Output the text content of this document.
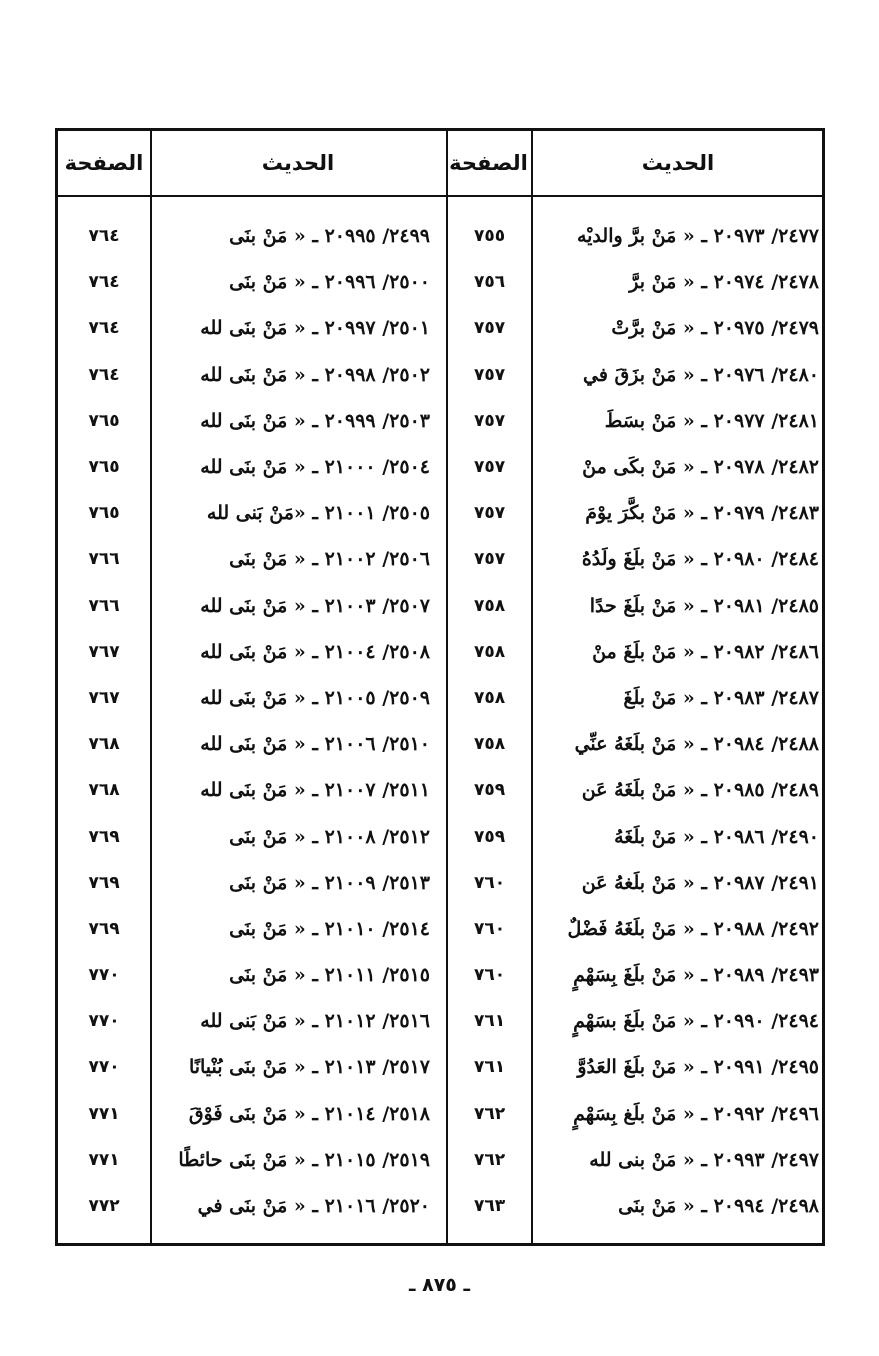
الحديث
الصفحة
الحديث
الصفحة
٢٤٧٧/ ٢٠٩٧٣ ـ « مَنْ برَّ والديْه
٧٥٥
٢٤٩٩/ ٢٠٩٩٥ ـ « مَنْ بنَى
٧٦٤
٢٤٧٨/ ٢٠٩٧٤ ـ « مَنْ برَّ
٧٥٦
٢٥٠٠/ ٢٠٩٩٦ ـ « مَنْ بنَى
٧٦٤
٢٤٧٩/ ٢٠٩٧٥ ـ « مَنْ برَّتْ
٧٥٧
٢٥٠١/ ٢٠٩٩٧ ـ « مَنْ بنَى لله
٧٦٤
٢٤٨٠/ ٢٠٩٧٦ ـ « مَنْ بزَقَ في
٧٥٧
٢٥٠٢/ ٢٠٩٩٨ ـ « مَنْ بنَى لله
٧٦٤
٢٤٨١/ ٢٠٩٧٧ ـ « مَنْ بسَطَ
٧٥٧
٢٥٠٣/ ٢٠٩٩٩ ـ « مَنْ بنَى لله
٧٦٥
٢٤٨٢/ ٢٠٩٧٨ ـ « مَنْ بكَى منْ
٧٥٧
٢٥٠٤/ ٢١٠٠٠ ـ « مَنْ بنَى لله
٧٦٥
٢٤٨٣/ ٢٠٩٧٩ ـ « مَنْ بكَّرَ يوْمَ
٧٥٧
٢٥٠٥/ ٢١٠٠١ ـ «مَنْ بَنى لله
٧٦٥
٢٤٨٤/ ٢٠٩٨٠ ـ « مَنْ بلَغَ ولَدُهُ
٧٥٧
٢٥٠٦/ ٢١٠٠٢ ـ « مَنْ بنَى
٧٦٦
٢٤٨٥/ ٢٠٩٨١ ـ « مَنْ بلَغَ حدًا
٧٥٨
٢٥٠٧/ ٢١٠٠٣ ـ « مَنْ بنَى لله
٧٦٦
٢٤٨٦/ ٢٠٩٨٢ ـ « مَنْ بلَغَ منْ
٧٥٨
٢٥٠٨/ ٢١٠٠٤ ـ « مَنْ بنَى لله
٧٦٧
٢٤٨٧/ ٢٠٩٨٣ ـ « مَنْ بلَغَ
٧٥٨
٢٥٠٩/ ٢١٠٠٥ ـ « مَنْ بنَى لله
٧٦٧
٢٤٨٨/ ٢٠٩٨٤ ـ « مَنْ بلَغَهُ عنِّي
٧٥٨
٢٥١٠/ ٢١٠٠٦ ـ « مَنْ بنَى لله
٧٦٨
٢٤٨٩/ ٢٠٩٨٥ ـ « مَنْ بلَغَهُ عَن
٧٥٩
٢٥١١/ ٢١٠٠٧ ـ « مَنْ بنَى لله
٧٦٨
٢٤٩٠/ ٢٠٩٨٦ ـ « مَنْ بلَغَهُ
٧٥٩
٢٥١٢/ ٢١٠٠٨ ـ « مَنْ بنَى
٧٦٩
٢٤٩١/ ٢٠٩٨٧ ـ « مَنْ بلَغهُ عَن
٧٦٠
٢٥١٣/ ٢١٠٠٩ ـ « مَنْ بنَى
٧٦٩
٢٤٩٢/ ٢٠٩٨٨ ـ « مَنْ بلَغَهُ فَضْلٌ
٧٦٠
٢٥١٤/ ٢١٠١٠ ـ « مَنْ بنَى
٧٦٩
٢٤٩٣/ ٢٠٩٨٩ ـ « مَنْ بلَغَ بِسَهْمٍ
٧٦٠
٢٥١٥/ ٢١٠١١ ـ « مَنْ بنَى
٧٧٠
٢٤٩٤/ ٢٠٩٩٠ ـ « مَنْ بلَغَ بسَهْمٍ
٧٦١
٢٥١٦/ ٢١٠١٢ ـ « مَنْ بَنى لله
٧٧٠
٢٤٩٥/ ٢٠٩٩١ ـ « مَنْ بلَغَ العَدُوَّ
٧٦١
٢٥١٧/ ٢١٠١٣ ـ « مَنْ بنَى بُنْيانًا
٧٧٠
٢٤٩٦/ ٢٠٩٩٢ ـ « مَنْ بلَغ بِسَهْمٍ
٧٦٢
٢٥١٨/ ٢١٠١٤ ـ « مَنْ بنَى فَوْقَ
٧٧١
٢٤٩٧/ ٢٠٩٩٣ ـ « مَنْ بنى لله
٧٦٢
٢٥١٩/ ٢١٠١٥ ـ « مَنْ بنَى حائطًا
٧٧١
٢٤٩٨/ ٢٠٩٩٤ ـ « مَنْ بنَى
٧٦٣
٢٥٢٠/ ٢١٠١٦ ـ « مَنْ بنَى في
٧٧٢
ـ ٨٧٥ ـ
